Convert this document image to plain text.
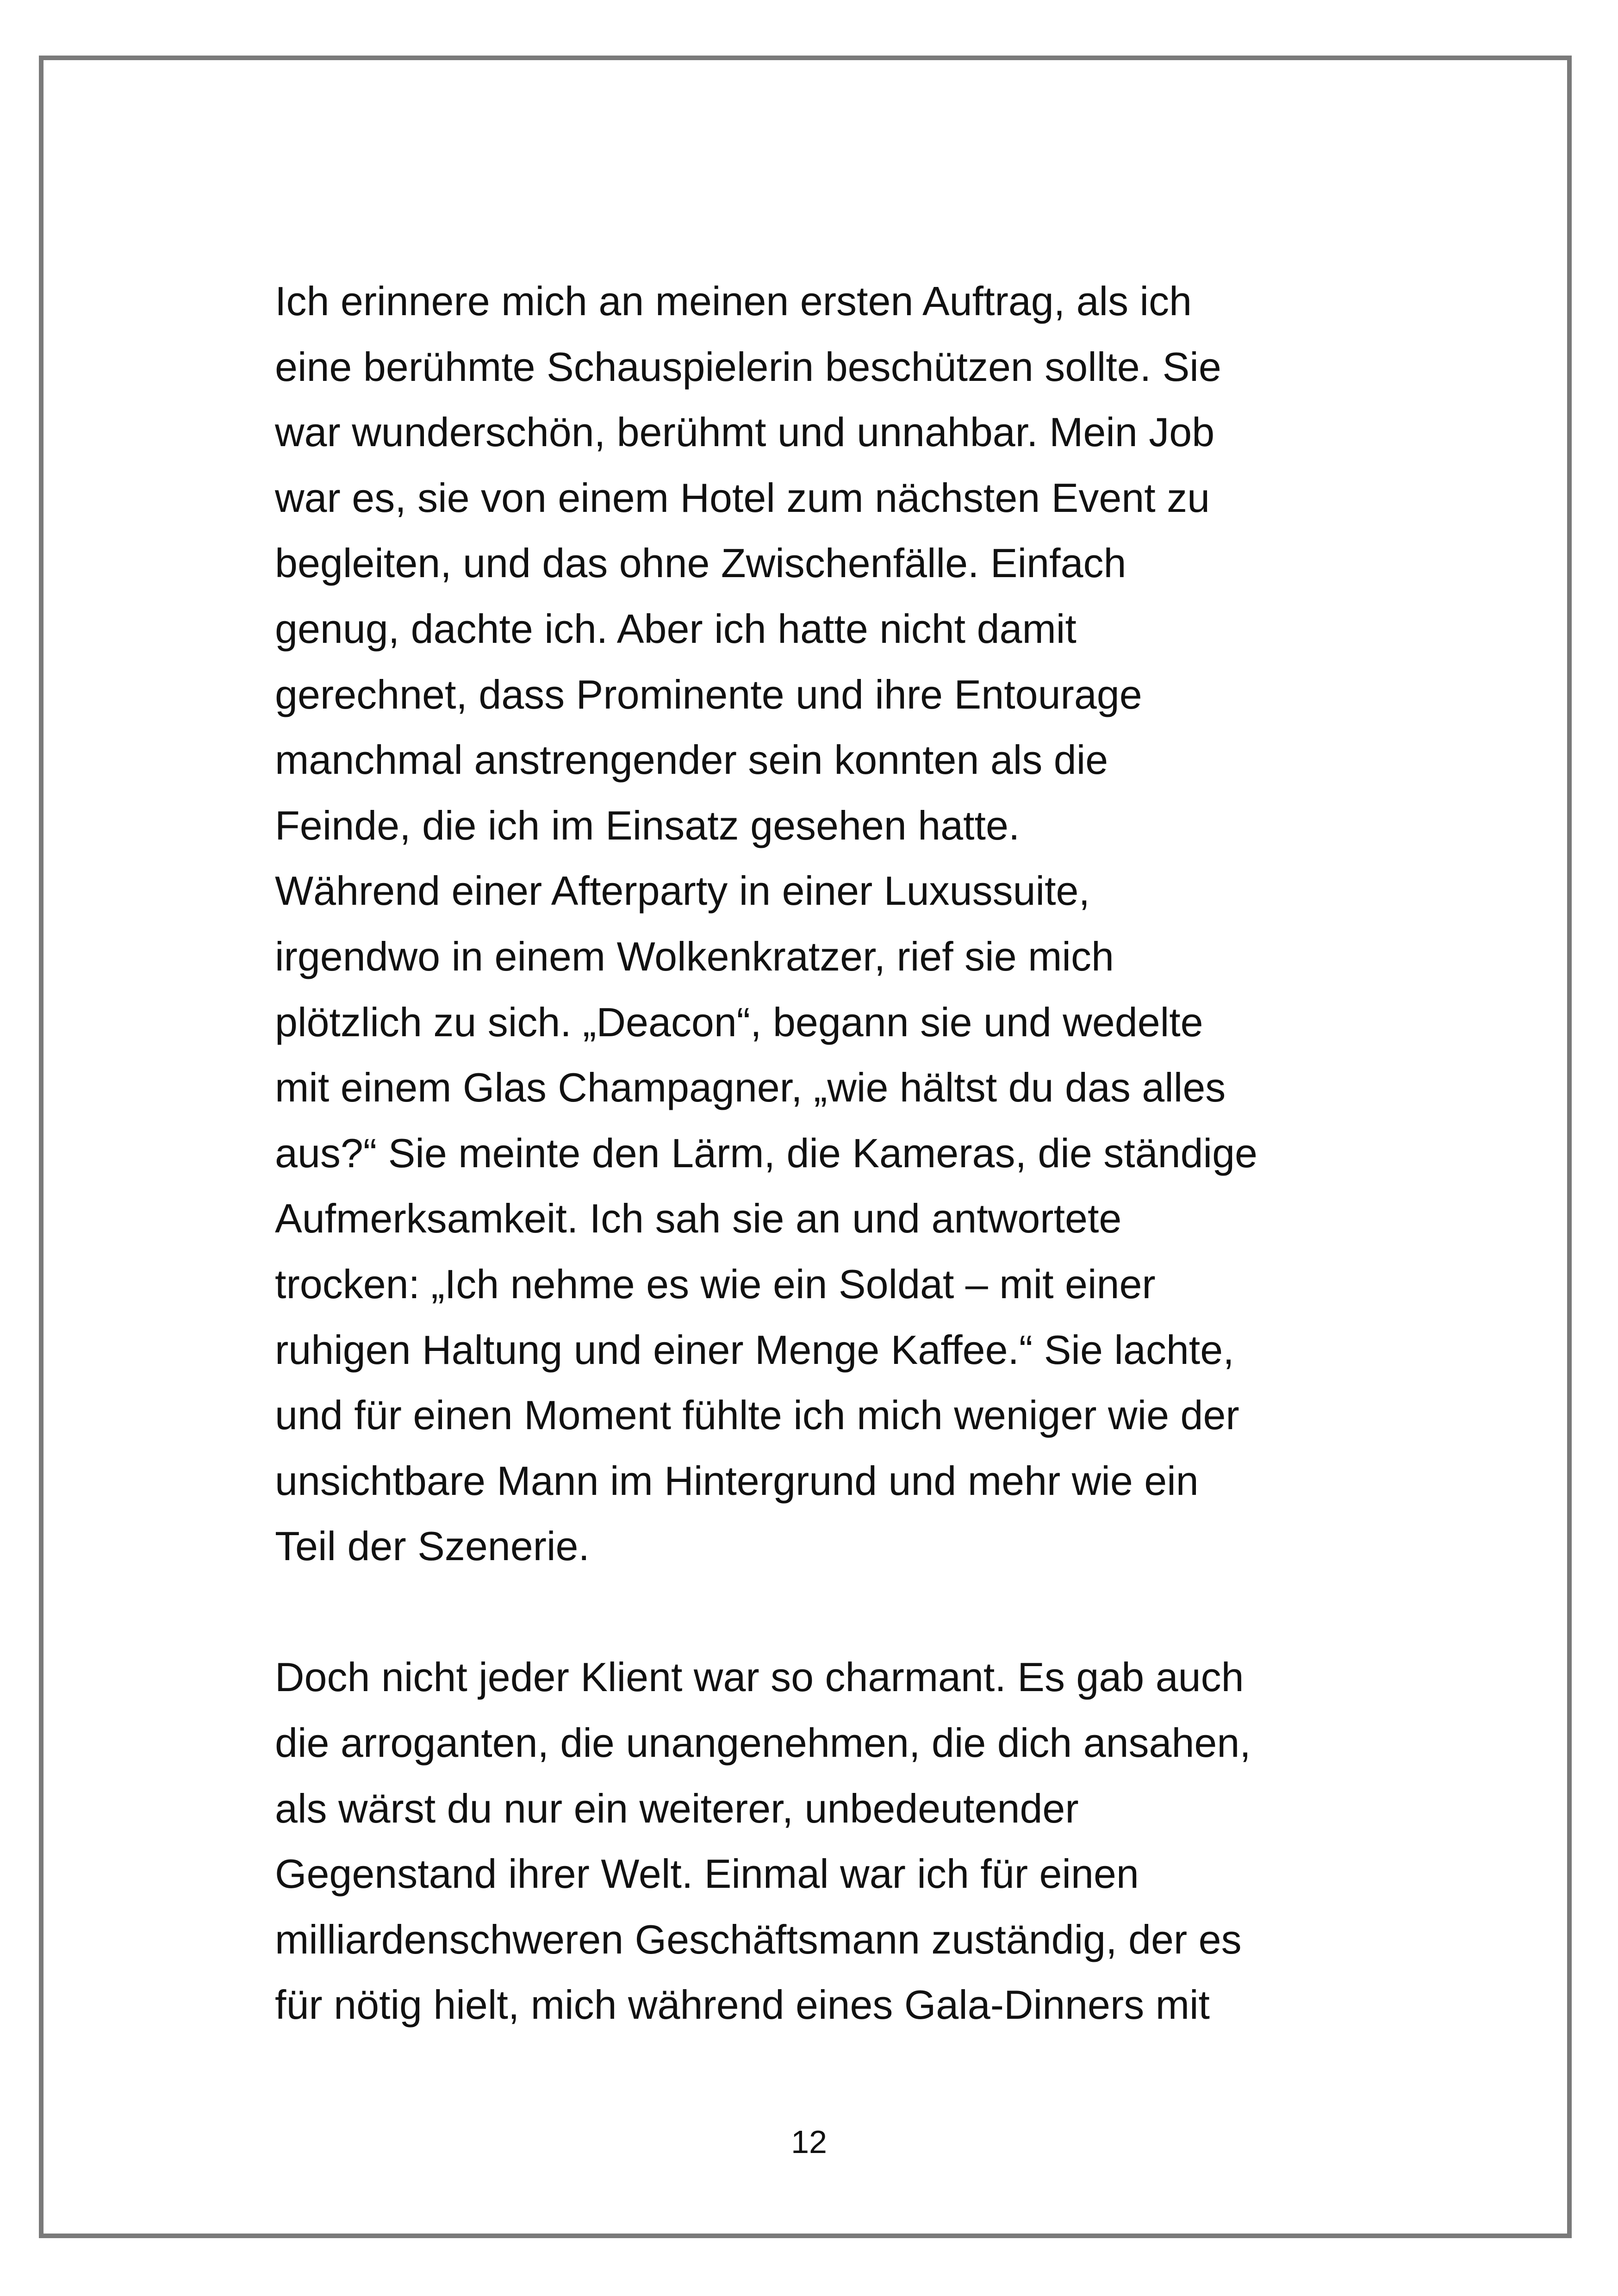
Ich erinnere mich an meinen ersten Auftrag, als ich
eine berühmte Schauspielerin beschützen sollte. Sie
war wunderschön, berühmt und unnahbar. Mein Job
war es, sie von einem Hotel zum nächsten Event zu
begleiten, und das ohne Zwischenfälle. Einfach
genug, dachte ich. Aber ich hatte nicht damit
gerechnet, dass Prominente und ihre Entourage
manchmal anstrengender sein konnten als die
Feinde, die ich im Einsatz gesehen hatte.
Während einer Afterparty in einer Luxussuite,
irgendwo in einem Wolkenkratzer, rief sie mich
plötzlich zu sich. „Deacon“, begann sie und wedelte
mit einem Glas Champagner, „wie hältst du das alles
aus?“ Sie meinte den Lärm, die Kameras, die ständige
Aufmerksamkeit. Ich sah sie an und antwortete
trocken: „Ich nehme es wie ein Soldat – mit einer
ruhigen Haltung und einer Menge Kaffee.“ Sie lachte,
und für einen Moment fühlte ich mich weniger wie der
unsichtbare Mann im Hintergrund und mehr wie ein
Teil der Szenerie.
Doch nicht jeder Klient war so charmant. Es gab auch
die arroganten, die unangenehmen, die dich ansahen,
als wärst du nur ein weiterer, unbedeutender
Gegenstand ihrer Welt. Einmal war ich für einen
milliardenschweren Geschäftsmann zuständig, der es
für nötig hielt, mich während eines Gala-Dinners mit
12
